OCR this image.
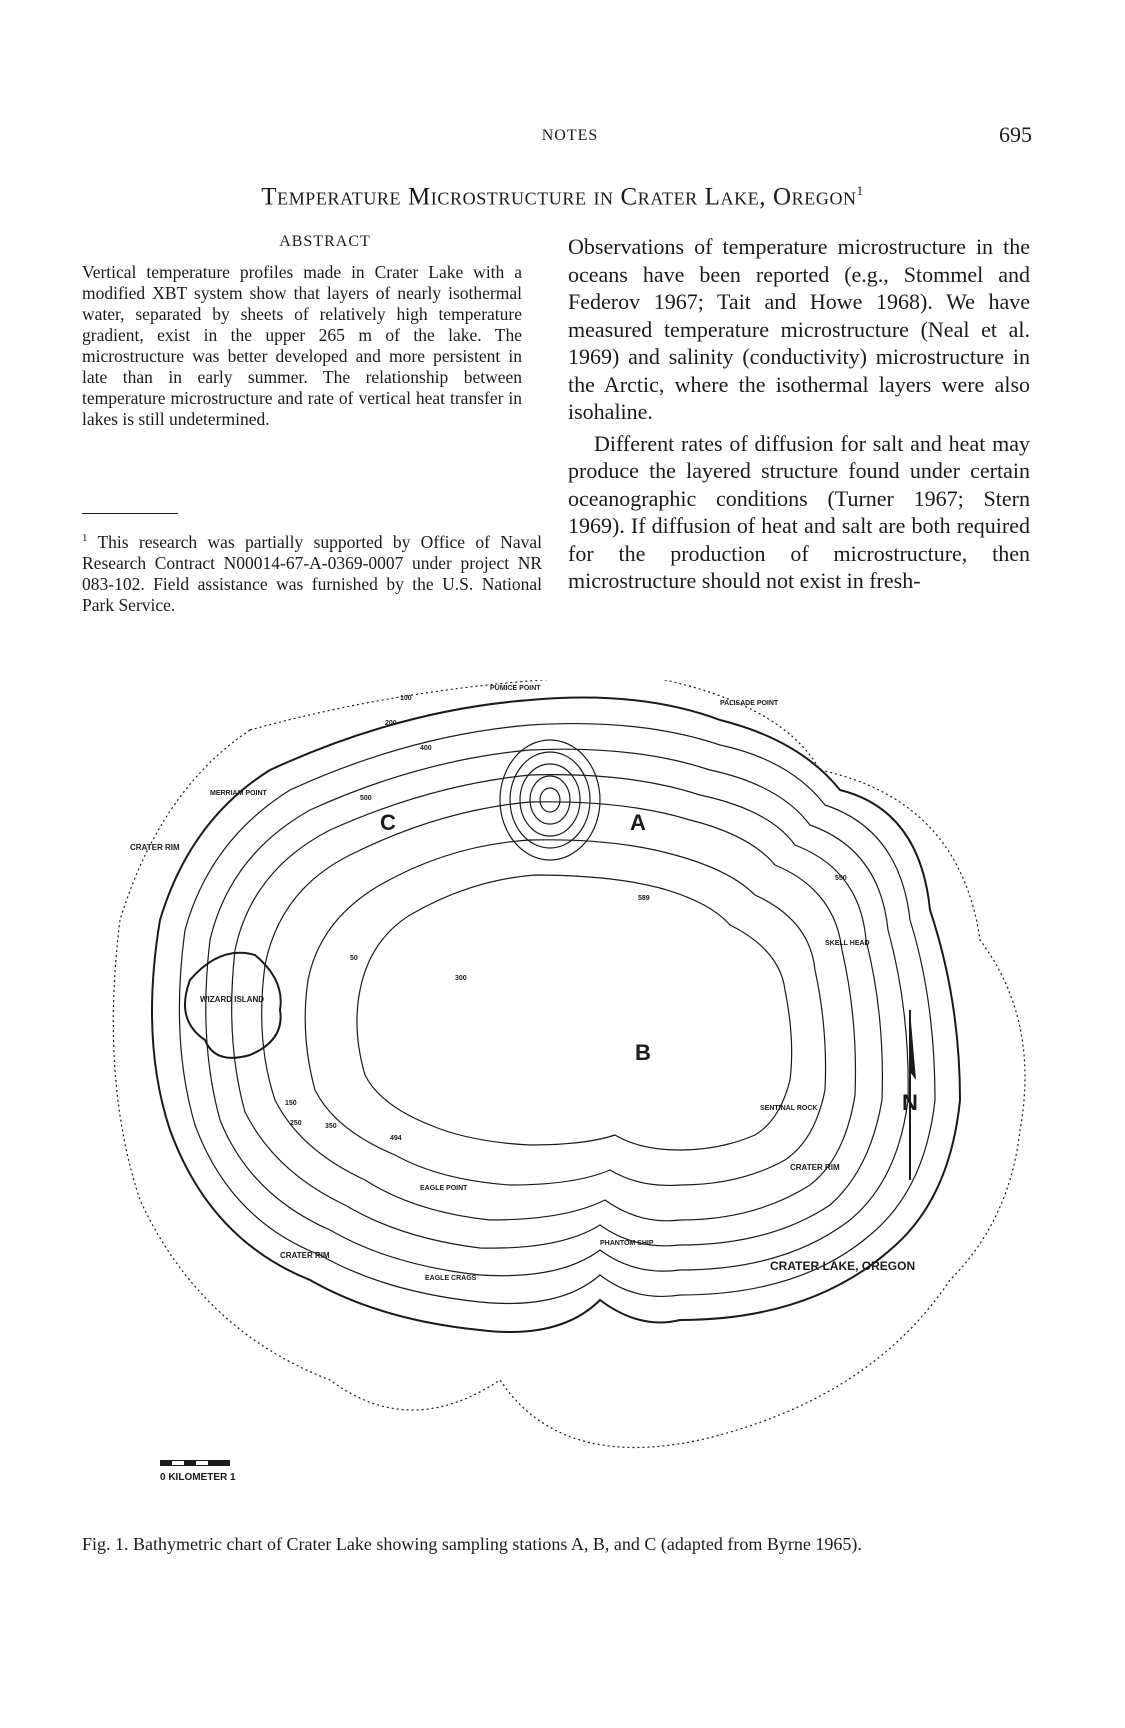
NOTES	695
Temperature Microstructure in Crater Lake, Oregon$^1$
ABSTRACT
Vertical temperature profiles made in Crater Lake with a modified XBT system show that layers of nearly isothermal water, separated by sheets of relatively high temperature gradient, exist in the upper 265 m of the lake. The microstructure was better developed and more persistent in late than in early summer. The relationship between temperature microstructure and rate of vertical heat transfer in lakes is still undetermined.
$^1$ This research was partially supported by Office of Naval Research Contract N00014-67-A-0369-0007 under project NR 083-102. Field assistance was furnished by the U.S. National Park Service.

Observations of temperature microstructure in the oceans have been reported (e.g., Stommel and Federov 1967; Tait and Howe 1968). We have measured temperature microstructure (Neal et al. 1969) and salinity (conductivity) microstructure in the Arctic, where the isothermal layers were also isohaline.

Different rates of diffusion for salt and heat may produce the layered structure found under certain oceanographic conditions (Turner 1967; Stern 1969). If diffusion of heat and salt are both required for the production of microstructure, then microstructure should not exist in fresh-

0 KILOMETER 1
N
C	A
B
WIZARD ISLAND
PUMICE POINT
PALISADE POINT
MERRIAM POINT
SKELL HEAD
SENTINAL ROCK
EAGLE POINT
PHANTOM SHIP
EAGLE CRAGS
CRATER RIM
CRATER RIM
CRATER RIM
CRATER LAKE, OREGON
589
494
100
200
300
400
500
550
150
250	350
50
Fig. 1. Bathymetric chart of Crater Lake showing sampling stations A, B, and C (adapted from Byrne 1965).
